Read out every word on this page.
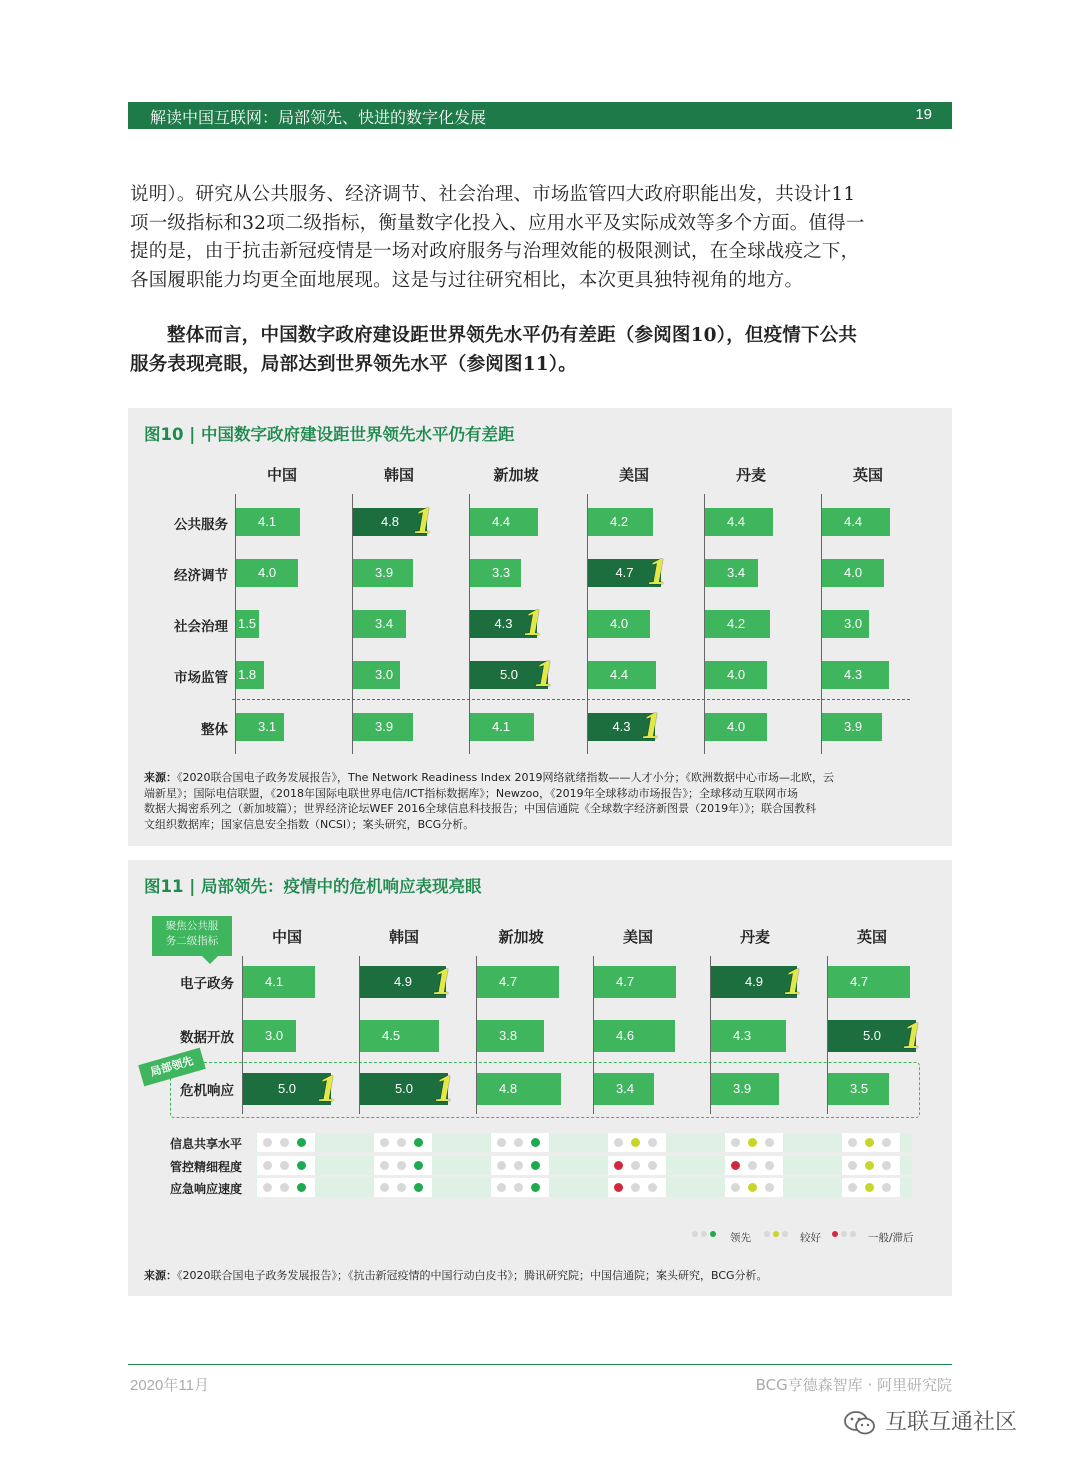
解读中国互联网：局部领先、快进的数字化发展	19

说明）。研究从公共服务、经济调节、社会治理、市场监管四大政府职能出发，共设计11

项一级指标和32项二级指标，衡量数字化投入、应用水平及实际成效等多个方面。值得一

提的是，由于抗击新冠疫情是一场对政府服务与治理效能的极限测试，在全球战疫之下，

各国履职能力均更全面地展现。这是与过往研究相比，本次更具独特视角的地方。

整体而言，中国数字政府建设距世界领先水平仍有差距（参阅图10），但疫情下公共

服务表现亮眼，局部达到世界领先水平（参阅图11）。

图10 | 中国数字政府建设距世界领先水平仍有差距
来源：《2020联合国电子政务发展报告》，The Network Readiness Index 2019网络就绪指数——人才小分；《欧洲数据中心市场—北欧，云
端新星》；国际电信联盟，《2018年国际电联世界电信/ICT指标数据库》；Newzoo，《2019年全球移动市场报告》；全球移动互联网市场
数据大揭密系列之（新加坡篇）；世界经济论坛WEF 2016全球信息科技报告；中国信通院《全球数字经济新图景（2019年）》；联合国教科
文组织数据库；国家信息安全指数（NCSI）；案头研究，BCG分析。
中国	韩国	新加坡	美国	丹麦	英国
公共服务
经济调节
社会治理
市场监管
整体
4.1	4.8 1	4.4	4.2	4.4	4.4
4.0	3.9	3.3	4.7 1	3.4	4.0
1.5	3.4	4.3 1	4.0	4.2	3.0
1.8	3.0	5.0 1	4.4	4.0	4.3
3.1	3.9	4.1	4.3 1	4.0	3.9
图11 | 局部领先：疫情中的危机响应表现亮眼
聚焦公共服
务二级指标
局部领先
领先	较好	一般/滞后
来源：《2020联合国电子政务发展报告》；《抗击新冠疫情的中国行动白皮书》；腾讯研究院；中国信通院；案头研究，BCG分析。
中国	韩国	新加坡	美国	丹麦	英国
电子政务
数据开放
危机响应
4.1	4.9 1	4.7	4.7	4.9 1	4.7
3.0	4.5	3.8	4.6	4.3	5.0 1
5.0 1	5.0 1	4.8	3.4	3.9	3.5
信息共享水平
管控精细程度
应急响应速度
2020年11月	BCG亨德森智库 · 阿里研究院
互联互通社区
